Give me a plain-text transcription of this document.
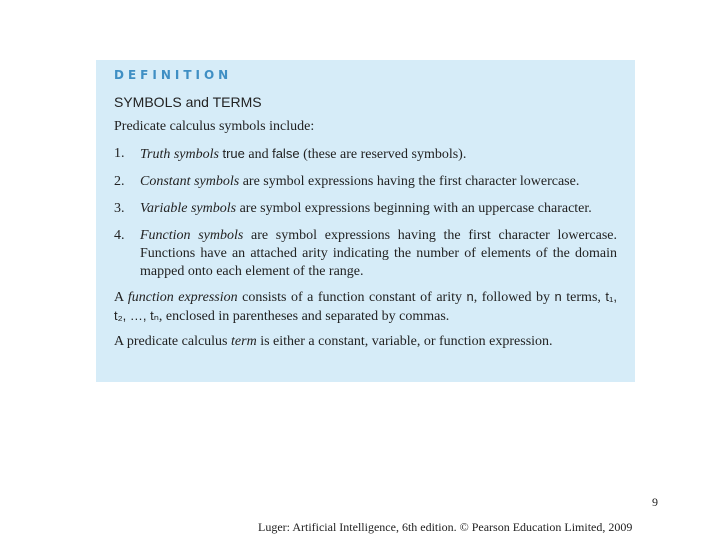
DEFINITION
SYMBOLS and TERMS
Predicate calculus symbols include:
1.	Truth symbols true and false (these are reserved symbols).
2.	Constant symbols are symbol expressions having the first character lowercase.
3.	Variable symbols are symbol expressions beginning with an uppercase character.
4.	Function symbols are symbol expressions having the first character lowercase. Functions have an attached arity indicating the number of elements of the domain mapped onto each element of the range.
A function expression consists of a function constant of arity n, followed by n terms, t₁, t₂, …, tₙ, enclosed in parentheses and separated by commas.
A predicate calculus term is either a constant, variable, or function expression.
9
Luger: Artificial Intelligence, 6th edition. © Pearson Education Limited, 2009
